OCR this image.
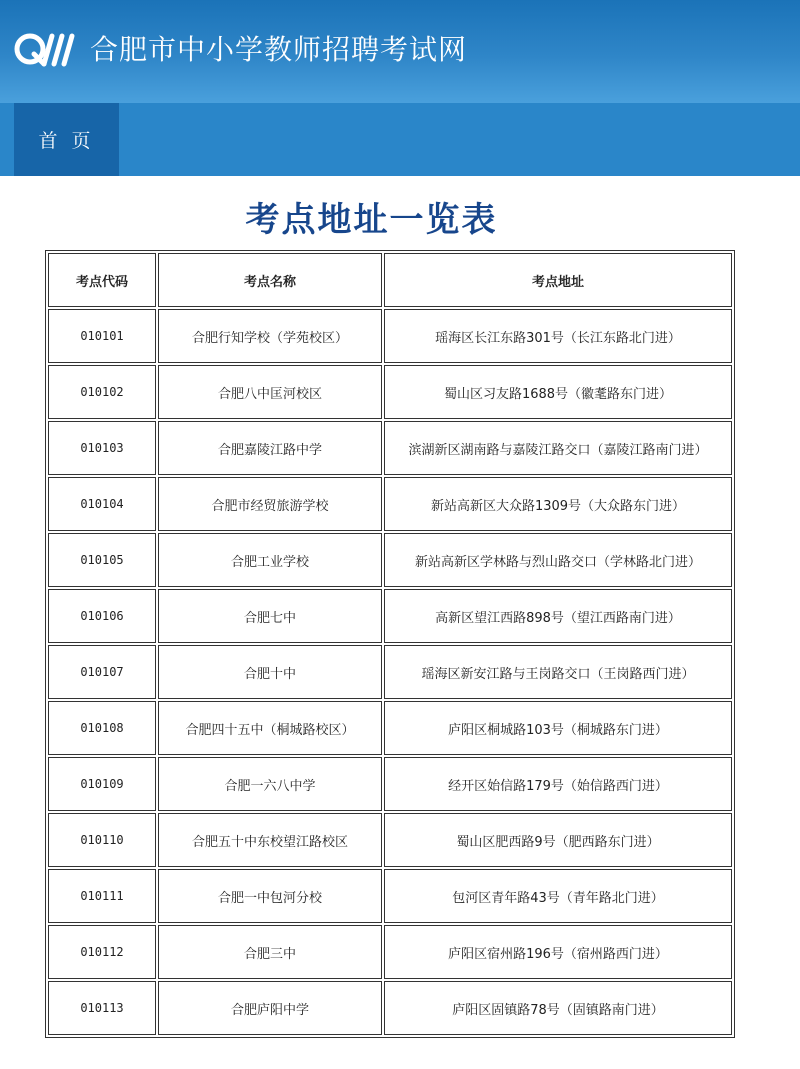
合肥市中小学教师招聘考试网
首 页
考点地址一览表
考点代码	考点名称	考点地址
010101	合肥行知学校（学苑校区）	瑶海区长江东路301号（长江东路北门进）
010102	合肥八中匡河校区	蜀山区习友路1688号（徽耄路东门进）
010103	合肥嘉陵江路中学	滨湖新区湖南路与嘉陵江路交口（嘉陵江路南门进）
010104	合肥市经贸旅游学校	新站高新区大众路1309号（大众路东门进）
010105	合肥工业学校	新站高新区学林路与烈山路交口（学林路北门进）
010106	合肥七中	高新区望江西路898号（望江西路南门进）
010107	合肥十中	瑶海区新安江路与王岗路交口（王岗路西门进）
010108	合肥四十五中（桐城路校区）	庐阳区桐城路103号（桐城路东门进）
010109	合肥一六八中学	经开区始信路179号（始信路西门进）
010110	合肥五十中东校望江路校区	蜀山区肥西路9号（肥西路东门进）
010111	合肥一中包河分校	包河区青年路43号（青年路北门进）
010112	合肥三中	庐阳区宿州路196号（宿州路西门进）
010113	合肥庐阳中学	庐阳区固镇路78号（固镇路南门进）
